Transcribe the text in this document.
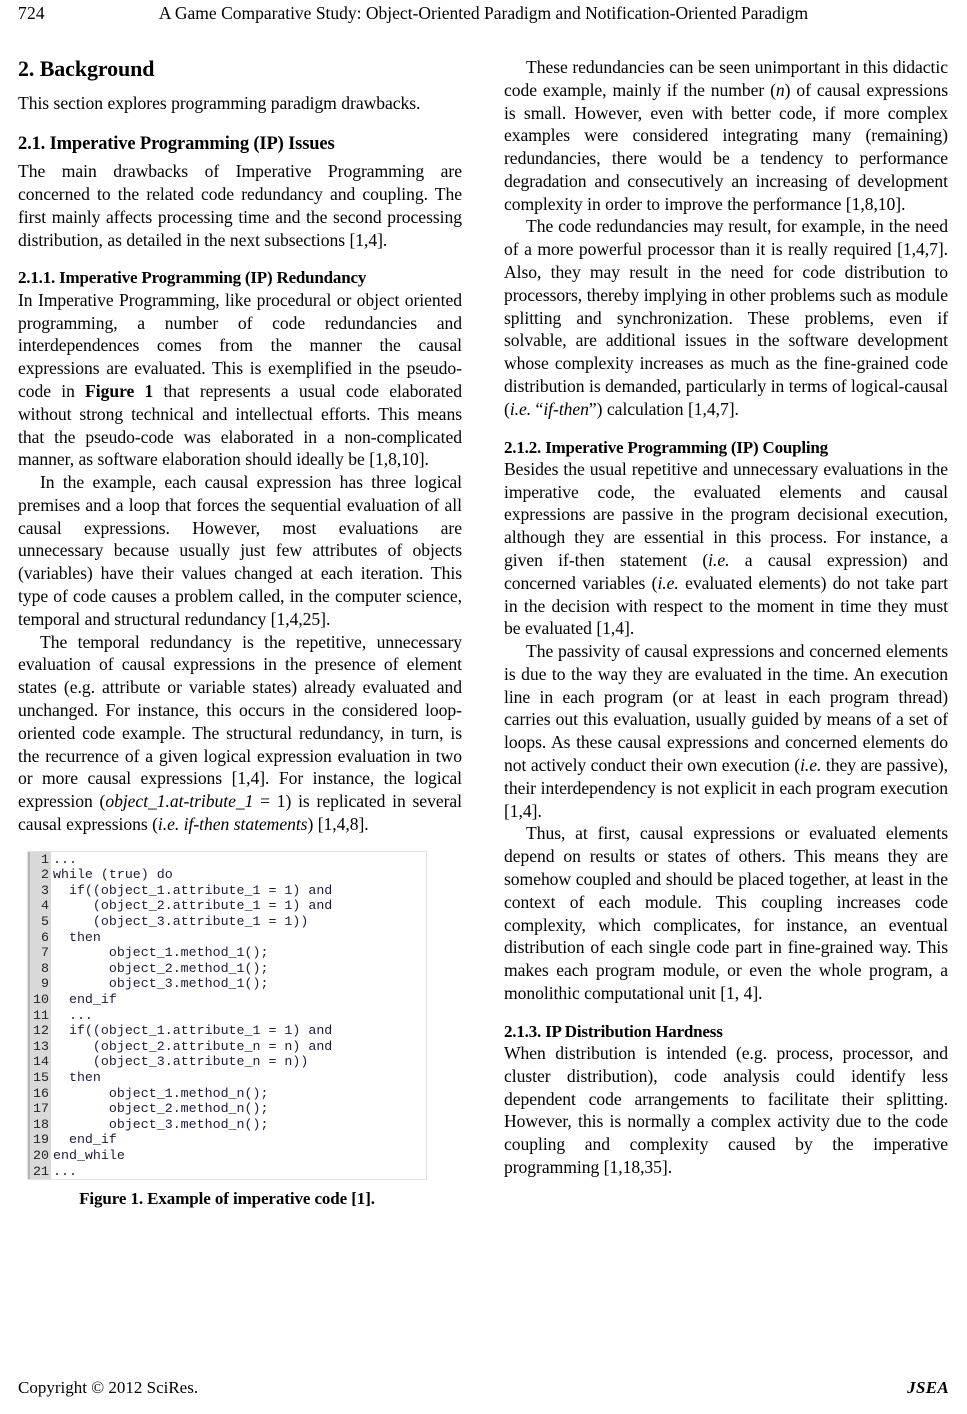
724	A Game Comparative Study: Object-Oriented Paradigm and Notification-Oriented Paradigm
2. Background

This section explores programming paradigm drawbacks.

2.1. Imperative Programming (IP) Issues

The main drawbacks of Imperative Programming are concerned to the related code redundancy and coupling. The first mainly affects processing time and the second processing distribution, as detailed in the next subsections [1,4].

2.1.1. Imperative Programming (IP) Redundancy

In Imperative Programming, like procedural or object oriented programming, a number of code redundancies and interdependences comes from the manner the causal expressions are evaluated. This is exemplified in the pseudo-code in Figure 1 that represents a usual code elaborated without strong technical and intellectual efforts. This means that the pseudo-code was elaborated in a non-complicated manner, as software elaboration should ideally be [1,8,10].

In the example, each causal expression has three logical premises and a loop that forces the sequential evaluation of all causal expressions. However, most evaluations are unnecessary because usually just few attributes of objects (variables) have their values changed at each iteration. This type of code causes a problem called, in the computer science, temporal and structural redundancy [1,4,25].

The temporal redundancy is the repetitive, unnecessary evaluation of causal expressions in the presence of element states (e.g. attribute or variable states) already evaluated and unchanged. For instance, this occurs in the considered loop-oriented code example. The structural redundancy, in turn, is the recurrence of a given logical expression evaluation in two or more causal expressions [1,4]. For instance, the logical expression (object_1.at-tribute_1 = 1) is replicated in several causal expressions (i.e. if-then statements) [1,4,8].

1 ...
2 while (true) do
3 if((object_1.attribute_1 = 1) and
4 (object_2.attribute_1 = 1) and
5 (object_3.attribute_1 = 1))
6 then
7 object_1.method_1();
8 object_2.method_1();
9 object_3.method_1();
10 end_if
11 ...
12 if((object_1.attribute_1 = 1) and
13 (object_2.attribute_n = n) and
14 (object_3.attribute_n = n))
15 then
16 object_1.method_n();
17 object_2.method_n();
18 object_3.method_n();
19 end_if
20 end_while
21 ...
Figure 1. Example of imperative code [1].

These redundancies can be seen unimportant in this didactic code example, mainly if the number (n) of causal expressions is small. However, even with better code, if more complex examples were considered integrating many (remaining) redundancies, there would be a tendency to performance degradation and consecutively an increasing of development complexity in order to improve the performance [1,8,10].

The code redundancies may result, for example, in the need of a more powerful processor than it is really required [1,4,7]. Also, they may result in the need for code distribution to processors, thereby implying in other problems such as module splitting and synchronization. These problems, even if solvable, are additional issues in the software development whose complexity increases as much as the fine-grained code distribution is demanded, particularly in terms of logical-causal (i.e. “if-then”) calculation [1,4,7].

2.1.2. Imperative Programming (IP) Coupling

Besides the usual repetitive and unnecessary evaluations in the imperative code, the evaluated elements and causal expressions are passive in the program decisional execution, although they are essential in this process. For instance, a given if-then statement (i.e. a causal expression) and concerned variables (i.e. evaluated elements) do not take part in the decision with respect to the moment in time they must be evaluated [1,4].

The passivity of causal expressions and concerned elements is due to the way they are evaluated in the time. An execution line in each program (or at least in each program thread) carries out this evaluation, usually guided by means of a set of loops. As these causal expressions and concerned elements do not actively conduct their own execution (i.e. they are passive), their interdependency is not explicit in each program execution [1,4].

Thus, at first, causal expressions or evaluated elements depend on results or states of others. This means they are somehow coupled and should be placed together, at least in the context of each module. This coupling increases code complexity, which complicates, for instance, an eventual distribution of each single code part in fine-grained way. This makes each program module, or even the whole program, a monolithic computational unit [1, 4].

2.1.3. IP Distribution Hardness

When distribution is intended (e.g. process, processor, and cluster distribution), code analysis could identify less dependent code arrangements to facilitate their splitting. However, this is normally a complex activity due to the code coupling and complexity caused by the imperative programming [1,18,35].

Copyright © 2012 SciRes.	JSEA
